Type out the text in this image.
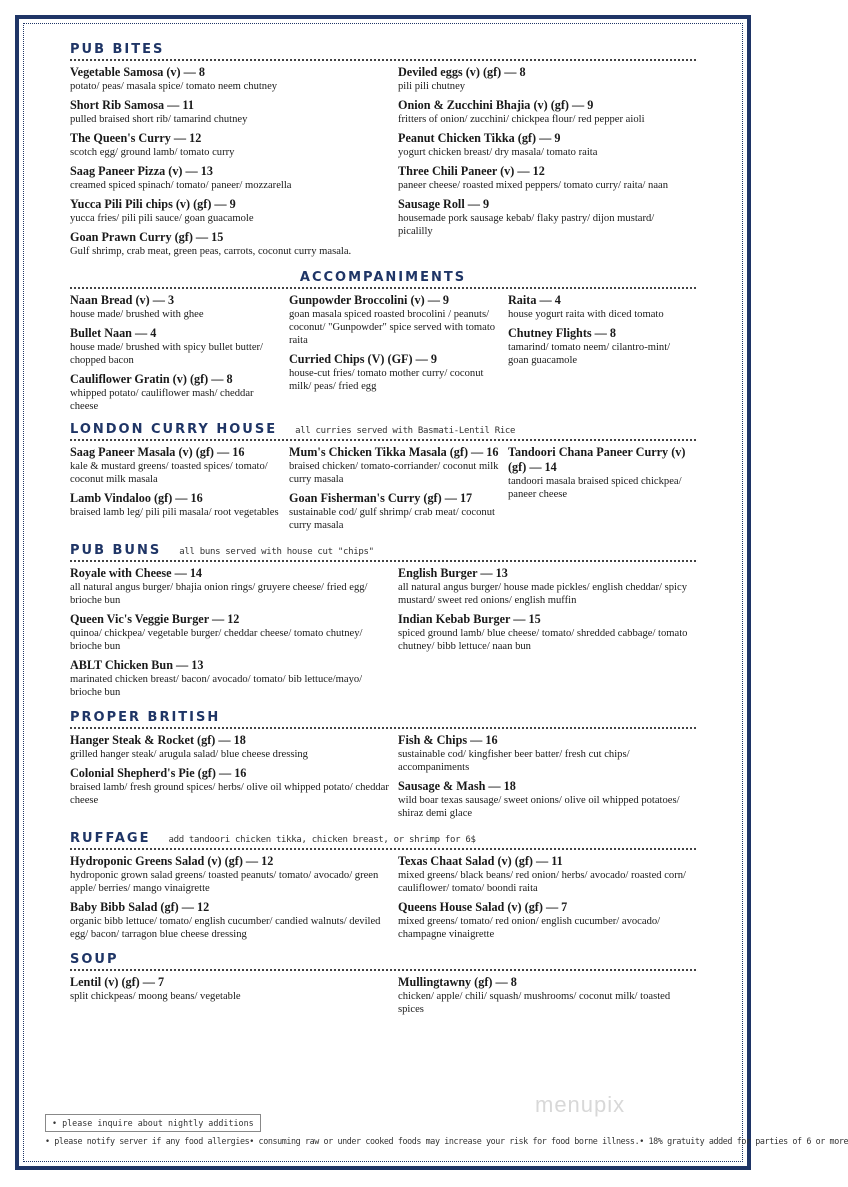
PUB BITES
Vegetable Samosa (v) — 8
potato/ peas/ masala spice/ tomato neem chutney
Short Rib Samosa — 11
pulled braised short rib/ tamarind chutney
The Queen's Curry — 12
scotch egg/ ground lamb/ tomato curry
Saag Paneer Pizza (v) — 13
creamed spiced spinach/ tomato/ paneer/ mozzarella
Yucca Pili Pili chips (v) (gf) — 9
yucca fries/ pili pili sauce/ goan guacamole
Goan Prawn Curry (gf) — 15
Gulf shrimp, crab meat, green peas, carrots, coconut curry masala.
Deviled eggs (v) (gf) — 8
pili pili chutney
Onion & Zucchini Bhajia (v) (gf) — 9
fritters of onion/ zucchini/ chickpea flour/ red pepper aioli
Peanut Chicken Tikka (gf) — 9
yogurt chicken breast/ dry masala/ tomato raita
Three Chili Paneer (v) — 12
paneer cheese/ roasted mixed peppers/ tomato curry/ raita/ naan
Sausage Roll — 9
housemade pork sausage kebab/ flaky pastry/ dijon mustard/ picalilly
ACCOMPANIMENTS
Naan Bread (v) — 3
house made/ brushed with ghee
Bullet Naan — 4
house made/ brushed with spicy bullet butter/ chopped bacon
Cauliflower Gratin (v) (gf) — 8
whipped potato/ cauliflower mash/ cheddar cheese
Gunpowder Broccolini (v) — 9
goan masala spiced roasted brocolini / peanuts/ coconut/ "Gunpowder" spice served with tomato raita
Curried Chips (V) (GF) — 9
house-cut fries/ tomato mother curry/ coconut milk/ peas/ fried egg
Raita — 4
house yogurt raita with diced tomato
Chutney Flights — 8
tamarind/ tomato neem/ cilantro-mint/ goan guacamole
LONDON CURRY HOUSE all curries served with Basmati-Lentil Rice
Saag Paneer Masala (v) (gf) — 16
kale & mustard greens/ toasted spices/ tomato/ coconut milk masala
Lamb Vindaloo (gf) — 16
braised lamb leg/ pili pili masala/ root vegetables
Mum's Chicken Tikka Masala (gf) — 16
braised chicken/ tomato-corriander/ coconut milk curry masala
Goan Fisherman's Curry (gf) — 17
sustainable cod/ gulf shrimp/ crab meat/ coconut curry masala
Tandoori Chana Paneer Curry (v) (gf) — 14
tandoori masala braised spiced chickpea/ paneer cheese
PUB BUNS all buns served with house cut "chips"
Royale with Cheese — 14
all natural angus burger/ bhajia onion rings/ gruyere cheese/ fried egg/ brioche bun
Queen Vic's Veggie Burger — 12
quinoa/ chickpea/ vegetable burger/ cheddar cheese/ tomato chutney/ brioche bun
ABLT Chicken Bun — 13
marinated chicken breast/ bacon/ avocado/ tomato/ bib lettuce/mayo/ brioche bun
English Burger — 13
all natural angus burger/ house made pickles/ english cheddar/ spicy mustard/ sweet red onions/ english muffin
Indian Kebab Burger — 15
spiced ground lamb/ blue cheese/ tomato/ shredded cabbage/ tomato chutney/ bibb lettuce/ naan bun
PROPER BRITISH
Hanger Steak & Rocket (gf) — 18
grilled hanger steak/ arugula salad/ blue cheese dressing
Colonial Shepherd's Pie (gf) — 16
braised lamb/ fresh ground spices/ herbs/ olive oil whipped potato/ cheddar cheese
Fish & Chips — 16
sustainable cod/ kingfisher beer batter/ fresh cut chips/ accompaniments
Sausage & Mash — 18
wild boar texas sausage/ sweet onions/ olive oil whipped potatoes/ shiraz demi glace
RUFFAGE add tandoori chicken tikka, chicken breast, or shrimp for 6$
Hydroponic Greens Salad (v) (gf) — 12
hydroponic grown salad greens/ toasted peanuts/ tomato/ avocado/ green apple/ berries/ mango vinaigrette
Baby Bibb Salad (gf) — 12
organic bibb lettuce/ tomato/ english cucumber/ candied walnuts/ deviled egg/ bacon/ tarragon blue cheese dressing
Texas Chaat Salad (v) (gf) — 11
mixed greens/ black beans/ red onion/ herbs/ avocado/ roasted corn/ cauliflower/ tomato/ boondi raita
Queens House Salad (v) (gf) — 7
mixed greens/ tomato/ red onion/ english cucumber/ avocado/ champagne vinaigrette
SOUP
Lentil (v) (gf) — 7
split chickpeas/ moong beans/ vegetable
Mullingtawny (gf) — 8
chicken/ apple/ chili/ squash/ mushrooms/ coconut milk/ toasted spices
menupix
• please inquire about nightly additions
• please notify server if any food allergies • consuming raw or under cooked foods may increase your risk for food borne illness. • 18% gratuity added for parties of 6 or more
